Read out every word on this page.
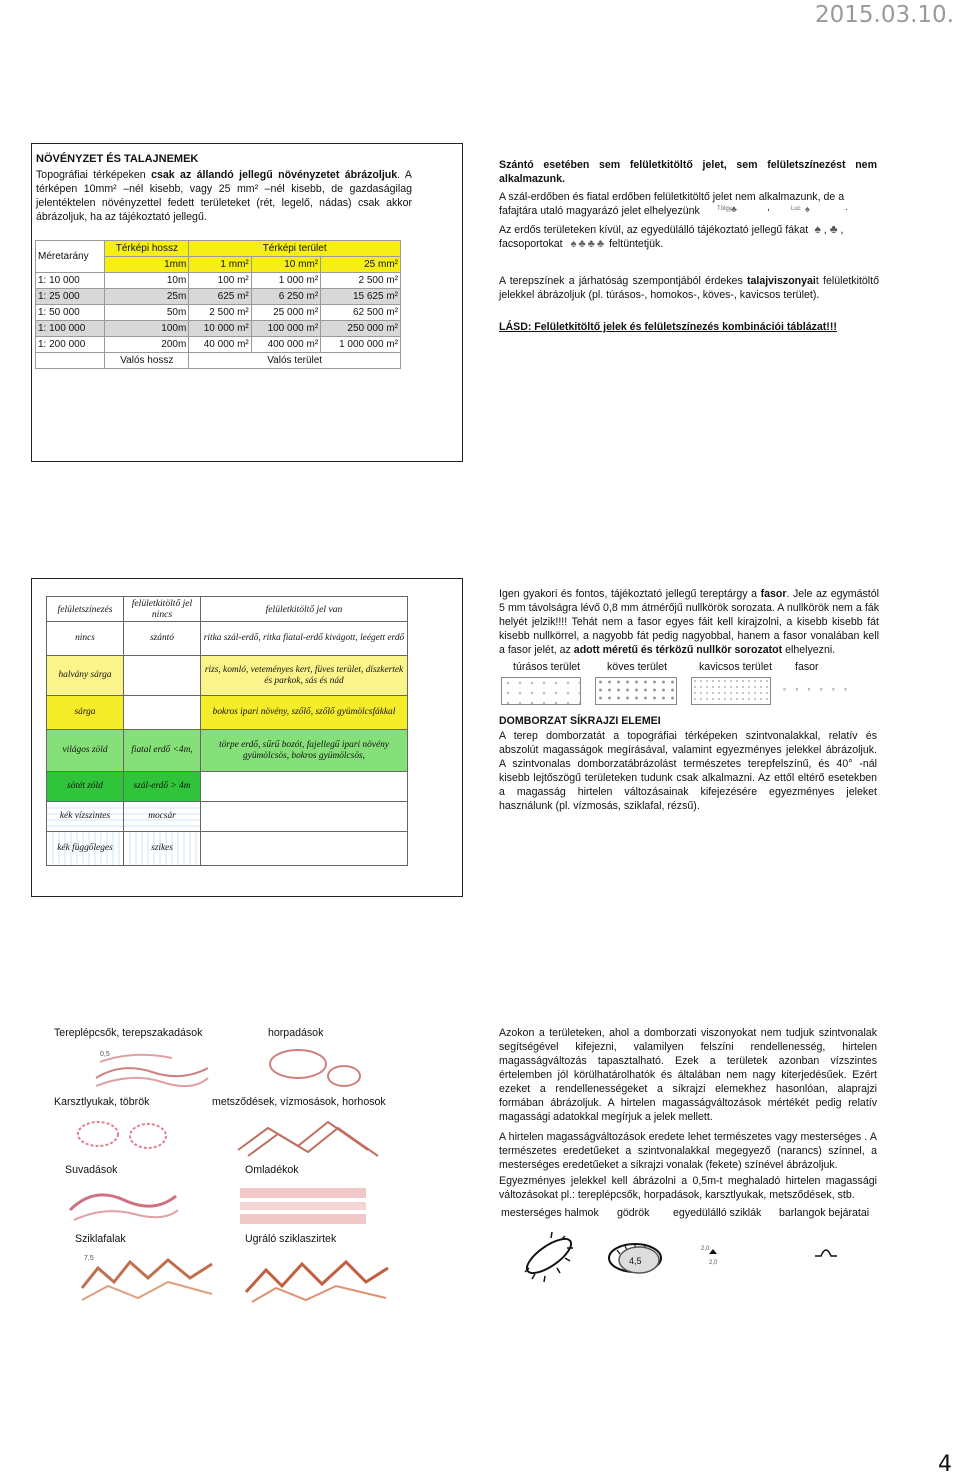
2015.03.10.
NÖVÉNYZET ÉS TALAJNEMEK
Topográfiai térképeken csak az állandó jellegű növényzetet ábrázoljuk. A térképen 10mm² –nél kisebb, vagy 25 mm² –nél kisebb, de gazdaságilag jelentéktelen növényzettel fedett területeket (rét, legelő, nádas) csak akkor ábrázoljuk, ha az tájékoztató jellegű.
Méretarány	Térképi hossz	Térképi terület		
	1mm	1 mm²	10 mm²	25 mm²
1: 10 000	10m	100 m²	1 000 m²	2 500 m²
1: 25 000	25m	625 m²	6 250 m²	15 625 m²
1: 50 000	50m	2 500 m²	25 000 m²	62 500 m²
1: 100 000	100m	10 000 m²	100 000 m²	250 000 m²
1: 200 000	200m	40 000 m²	400 000 m²	1 000 000 m²
	Valós hossz	Valós terület		
Szántó esetében sem felületkitöltő jelet, sem felületszínezést nem alkalmazunk.
A szál-erdőben és fiatal erdőben felületkitöltő jelet nem alkalmazunk, de a fafajtára utaló magyarázó jelet elhelyezünk	Tölgy ♣	,	Luc ♠	.
Az erdős területeken kívül, az egyedülálló tájékoztató jellegű fákat  ♠ , ♣ ,
facsoportokat  ♠♣♣♣ feltüntetjük.
A terepszínek a járhatóság szempontjából érdekes talajviszonyait felületkitöltő jelekkel ábrázoljuk (pl. túrásos-, homokos-, köves-, kavicsos terület).
LÁSD: Felületkitöltő jelek és felületszínezés kombinációi táblázat!!!
felületszínezés	felületkitöltő jel nincs	felületkitöltő jel van
nincs	szántó	ritka szál-erdő, ritka fiatal-erdő kivágott, leégett erdő
halvány sárga		rizs, komló, veteményes kert, füves terület, díszkertek és parkok, sás és nád
sárga		bokros ipari növény, szőlő, szőlő gyümölcsfákkal
világos zöld	fiatal erdő <4m,	törpe erdő, sűrű bozót, fajellegű ipari növény gyümölcsös, bokros gyümölcsös,
sötét zöld	szál-erdő > 4m	
kék vízszintes	mocsár	
kék függőleges	szikes	
Igen gyakori és fontos, tájékoztató jellegű tereptárgy a fasor. Jele az egymástól 5 mm távolságra lévő 0,8 mm átmérőjű nullkörök sorozata. A nullkörök nem a fák helyét jelzik!!!! Tehát nem a fasor egyes fáit kell kirajzolni, a kisebb kisebb fát kisebb nullkörrel, a nagyobb fát pedig nagyobbal, hanem a fasor vonalában kell a fasor jelét, az adott méretű és térközű nullkör sorozatot elhelyezni.
túrásos terület	köves terület	kavicsos terület fasor
°°°°°°
DOMBORZAT SÍKRAJZI ELEMEI
A terep domborzatát a topográfiai térképeken szintvonalakkal, relatív és abszolút magasságok megírásával, valamint egyezményes jelekkel ábrázoljuk. A szintvonalas domborzatábrázolást természetes terepfelszínű, és 40° -nál kisebb lejtőszögű területeken tudunk csak alkalmazni. Az ettől eltérő esetekben a magasság hirtelen változásainak kifejezésére egyezményes jeleket használunk (pl. vízmosás, sziklafal, rézsű).
Tereplépcsők, terepszakadások	horpadások
0,5
Karsztlyukak, töbrök	metsződések, vízmosások, horhosok
Suvadások	Omladékok
Sziklafalak	Ugráló sziklaszirtek
7,5
Azokon a területeken, ahol a domborzati viszonyokat nem tudjuk szintvonalak segítségével kifejezni, valamilyen felszíni rendellenesség, hirtelen magasságváltozás tapasztalható. Ezek a területek azonban vízszintes értelemben jól körülhatárolhatók és általában nem nagy kiterjedésűek. Ezért ezeket a rendellenességeket a síkrajzi elemekhez hasonlóan, alaprajzi formában ábrázoljuk. A hirtelen magasságváltozások mértékét pedig relatív magassági adatokkal megírjuk a jelek mellett.
A hirtelen magasságváltozások eredete lehet természetes vagy mesterséges . A természetes eredetűeket a szintvonalakkal megegyező (narancs) színnel, a mesterséges eredetűeket a síkrajzi vonalak (fekete) színével ábrázoljuk.
Egyezményes jelekkel kell ábrázolni a 0,5m-t meghaladó hirtelen magassági változásokat pl.: tereplépcsők, horpadások, karsztlyukak, metsződések, stb.
mesterséges halmok gödrök egyedülálló sziklák barlangok bejáratai
4,5
2,0
2,0
4
